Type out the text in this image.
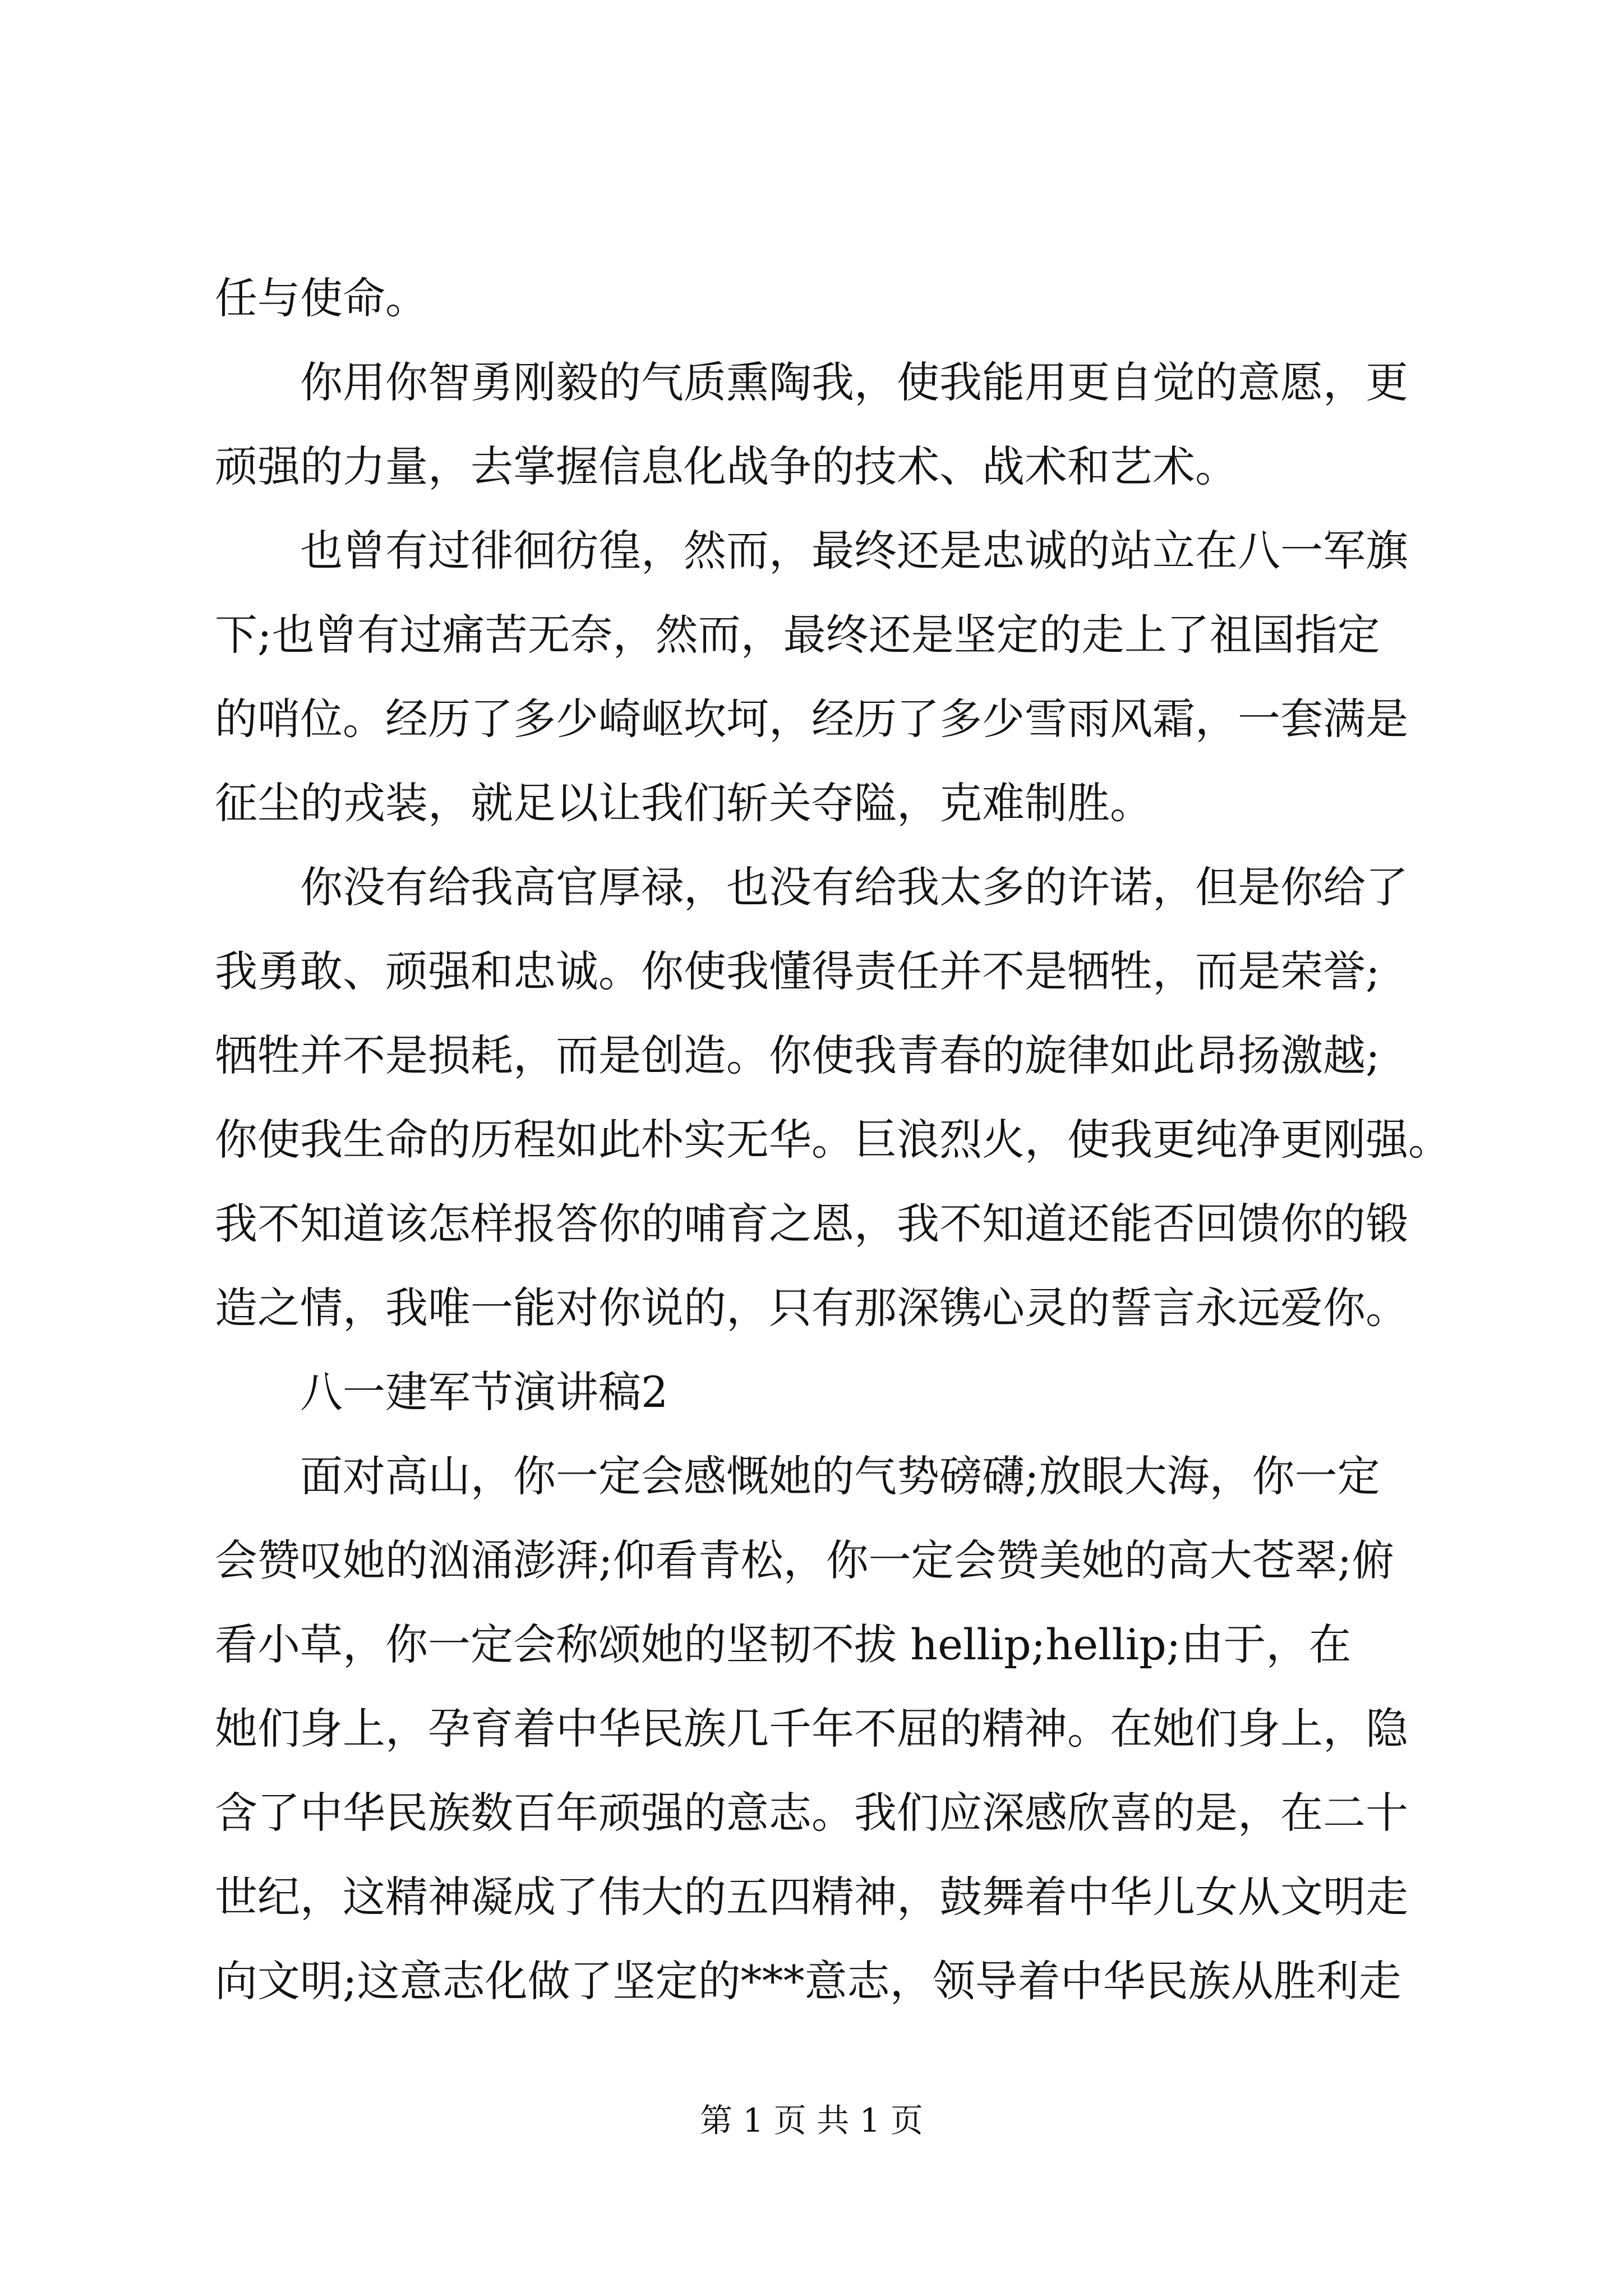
任与使命。
　　你用你智勇刚毅的气质熏陶我，使我能用更自觉的意愿，更
顽强的力量，去掌握信息化战争的技术、战术和艺术。
　　也曾有过徘徊彷徨，然而，最终还是忠诚的站立在八一军旗
下;也曾有过痛苦无奈，然而，最终还是坚定的走上了祖国指定
的哨位。经历了多少崎岖坎坷，经历了多少雪雨风霜，一套满是
征尘的戎装，就足以让我们斩关夺隘，克难制胜。
　　你没有给我高官厚禄，也没有给我太多的许诺，但是你给了
我勇敢、顽强和忠诚。你使我懂得责任并不是牺牲，而是荣誉;
牺牲并不是损耗，而是创造。你使我青春的旋律如此昂扬激越;
你使我生命的历程如此朴实无华。巨浪烈火，使我更纯净更刚强。
我不知道该怎样报答你的哺育之恩，我不知道还能否回馈你的锻
造之情，我唯一能对你说的，只有那深镌心灵的誓言永远爱你。
　　八一建军节演讲稿2
　　面对高山，你一定会感慨她的气势磅礴;放眼大海，你一定
会赞叹她的汹涌澎湃;仰看青松，你一定会赞美她的高大苍翠;俯
看小草，你一定会称颂她的坚韧不拔 hellip;hellip;由于，在
她们身上，孕育着中华民族几千年不屈的精神。在她们身上，隐
含了中华民族数百年顽强的意志。我们应深感欣喜的是，在二十
世纪，这精神凝成了伟大的五四精神，鼓舞着中华儿女从文明走
向文明;这意志化做了坚定的***意志，领导着中华民族从胜利走
第 1 页 共 1 页
